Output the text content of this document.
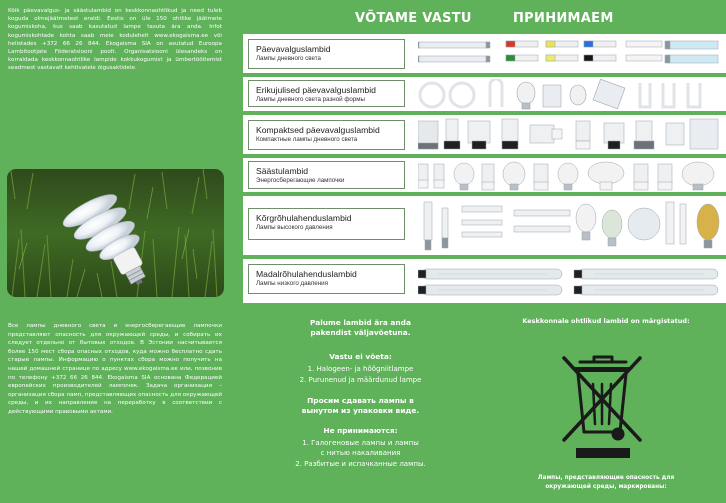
Kõik päevavalgus- ja säästulambid on keskkonnaohtlikud ja need tuleb koguda olmejäätmetest eraldi. Eestis on üle 150 ohtlike jäätmete kogumiskoha, kus saab kasutatud lampe tasuta ära anda. Infot kogumiskohtade kohta saab meie kodulehelt www.ekogaisma.ee või helistades +372 66 26 844. Ekogaisma SIA on asutatud Euroopa Lambitootjate Föderatsiooni poolt. Organisatsiooni ülesandeks on korraldada keskkonnaohtlike lampide kokkukogumist ja ümbertöötlemist seadmest vastavalt kehtivatele õigusaktidele.

Все лампы дневного света и энергосберегающие лампочки представляют опасность для окружающей среды, и собирать их следует отдельно от бытовых отходов. В Эстонии насчитывается более 150 мест сбора опасных отходов, куда можно бесплатно сдать старые лампы. Информацию о пунктах сбора можно получить на нашей домашней странице по адресу www.ekogaisma.ee или, позвонив по телефону +372 66 26 844. Ekogaisma SIA основана Федерацией европейских производителей лампочек. Задача организации – организация сбора ламп, представляющих опасность для окружающей среды, и их направление на переработку в соответствии с действующими правовыми актами.

VÕTAME VASTU	ПРИНИМАЕМ
Päevavalguslambid
Лампы дневного света
Erikujulised päevavalguslambid
Лампы дневного света разной формы
Kompaktsed päevavalguslambid
Компактные лампы дневного света
Säästulambid
Энергосберегающие лампочки
Kõrgrõhulahenduslambid
Лампы высокого давления
Madalrõhulahenduslambid
Лампы низкого давления

Palume lambid ära anda

pakendist väljavõetuna.

Vastu ei võeta:

1. Halogeen- ja hõõgniitlampe

2. Purunenud ja määrdunud lampe

Просим сдавать лампы в

вынутом из упаковки виде.

Не принимаются:

1. Галогеновые лампы и лампы

с нитью накаливания

2. Разбитые и испачканные лампы.

Keskkonnale ohtlikud lambid on märgistatud:

Лампы, представляющие опасность для
окружающей среды, маркированы:
